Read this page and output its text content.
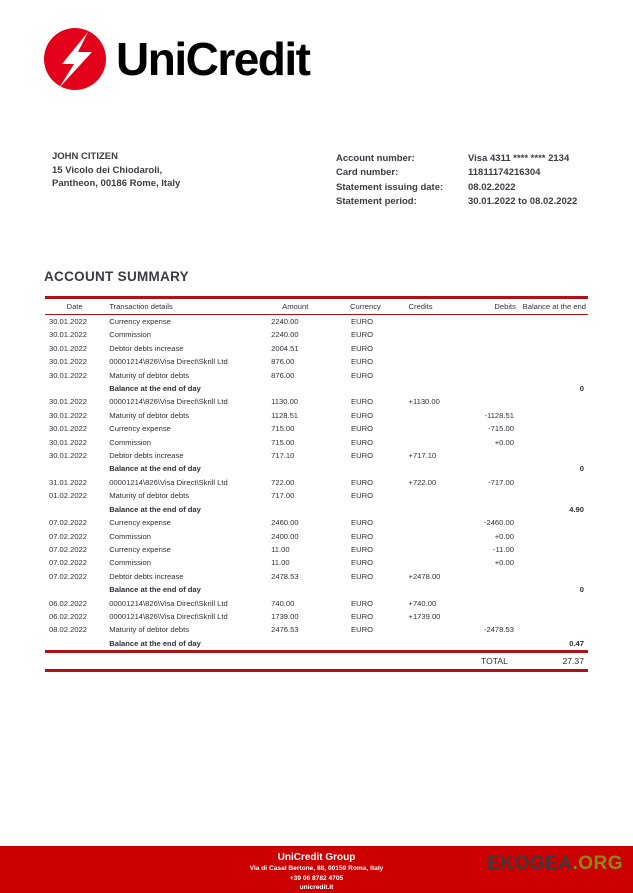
UniCredit
JOHN CITIZEN
15 Vicolo dei Chiodaroli,
Pantheon, 00186 Rome, Italy
Account number:	Visa 4311 **** **** 2134
Card number:	11811174216304
Statement issuing date:	08.02.2022
Statement period:	30.01.2022 to 08.02.2022
ACCOUNT SUMMARY
Date	Transaction details	Amount	Currency	Credits	Debits	Balance at the end
30.01.2022	Currency expense	2240.00	EURO			
30.01.2022	Commission	2240.00	EURO			
30.01.2022	Debtor debts increase	2004.51	EURO			
30.01.2022	00001214\826\Visa Direct\Skrill Ltd	876.00	EURO			
30.01.2022	Maturity of debtor debts	876.00	EURO			
	Balance at the end of day					0
30.01.2022	00001214\826\Visa Direct\Skrill Ltd	1130.00	EURO	+1130.00		
30.01.2022	Maturity of debtor debts	1128.51	EURO		-1128.51	
30.01.2022	Currency expense	715.00	EURO		-715.00	
30.01.2022	Commission	715.00	EURO		+0.00	
30.01.2022	Debtor debts increase	717.10	EURO	+717.10		
	Balance at the end of day					0
31.01.2022	00001214\826\Visa Direct\Skrill Ltd	722.00	EURO	+722.00	-717.00	
01.02.2022	Maturity of debtor debts	717.00	EURO			
	Balance at the end of day					4.90
07.02.2022	Currency expense	2460.00	EURO		-2460.00	
07.02.2022	Commission	2400.00	EURO		+0.00	
07.02.2022	Currency expense	11.00	EURO		-11.00	
07.02.2022	Commission	11.00	EURO		+0.00	
07.02.2022	Debtor debts increase	2478.53	EURO	+2478.00		
	Balance at the end of day					0
06.02.2022	00001214\826\Visa Direct\Skrill Ltd	740.00	EURO	+740.00		
06.02.2022	00001214\826\Visa Direct\Skrill Ltd	1739.00	EURO	+1739.00		
08.02.2022	Maturity of debtor debts	2476.53	EURO		-2478.53	
	Balance at the end of day					0.47
					TOTAL	27.37
UniCredit Group
Via di Casal Bertone, 88, 00159 Roma, Italy
+39 06 8782 4705
unicredit.it
EKOGEA.ORG
